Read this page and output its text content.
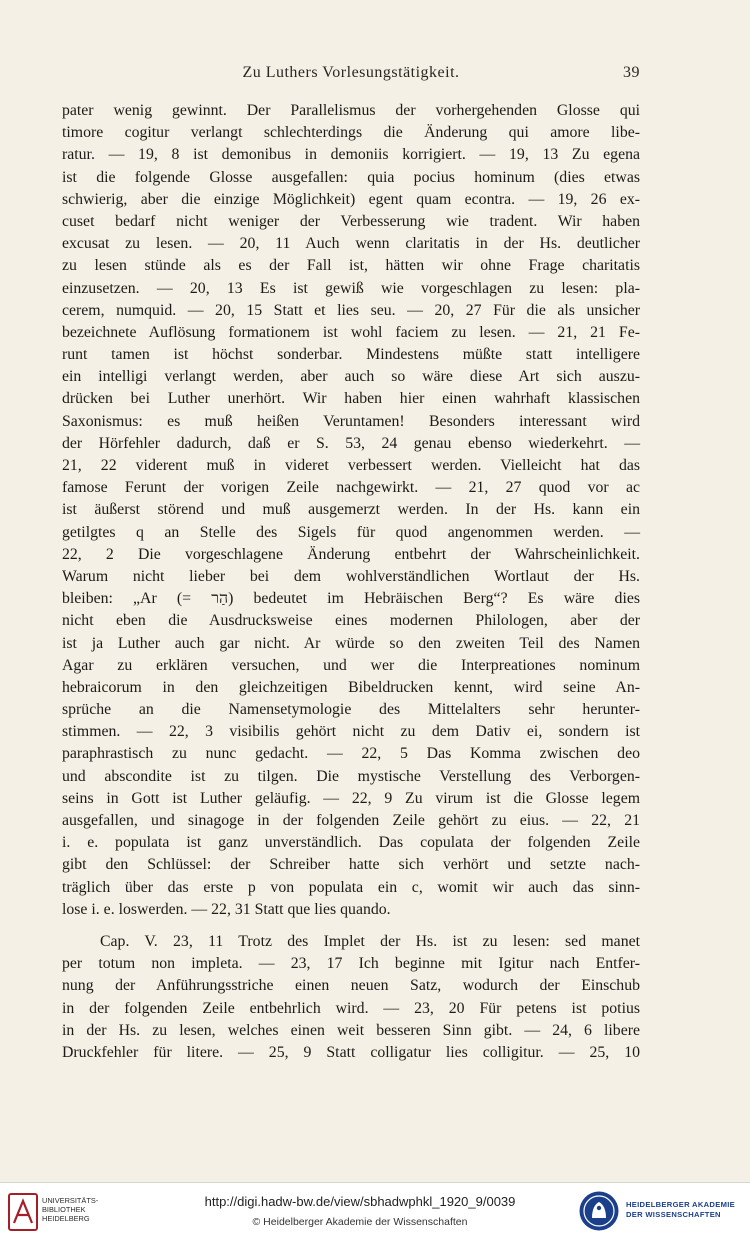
Zu Luthers Vorlesungstätigkeit.	39
pater wenig gewinnt. Der Parallelismus der vorhergehenden Glosse qui
timore cogitur verlangt schlechterdings die Änderung qui amore libe-
ratur. — 19, 8 ist demonibus in demoniis korrigiert. — 19, 13 Zu egena
ist die folgende Glosse ausgefallen: quia pocius hominum (dies etwas
schwierig, aber die einzige Möglichkeit) egent quam econtra. — 19, 26 ex-
cuset bedarf nicht weniger der Verbesserung wie tradent. Wir haben
excusat zu lesen. — 20, 11 Auch wenn claritatis in der Hs. deutlicher
zu lesen stünde als es der Fall ist, hätten wir ohne Frage charitatis
einzusetzen. — 20, 13 Es ist gewiß wie vorgeschlagen zu lesen: pla-
cerem, numquid. — 20, 15 Statt et lies seu. — 20, 27 Für die als unsicher
bezeichnete Auflösung formationem ist wohl faciem zu lesen. — 21, 21 Fe-
runt tamen ist höchst sonderbar. Mindestens müßte statt intelligere
ein intelligi verlangt werden, aber auch so wäre diese Art sich auszu-
drücken bei Luther unerhört. Wir haben hier einen wahrhaft klassischen
Saxonismus: es muß heißen Veruntamen! Besonders interessant wird
der Hörfehler dadurch, daß er S. 53, 24 genau ebenso wiederkehrt. —
21, 22 viderent muß in videret verbessert werden. Vielleicht hat das
famose Ferunt der vorigen Zeile nachgewirkt. — 21, 27 quod vor ac
ist äußerst störend und muß ausgemerzt werden. In der Hs. kann ein
getilgtes q an Stelle des Sigels für quod angenommen werden. —
22, 2 Die vorgeschlagene Änderung entbehrt der Wahrscheinlichkeit.
Warum nicht lieber bei dem wohlverständlichen Wortlaut der Hs.
bleiben: „Ar (= הַר) bedeutet im Hebräischen Berg“? Es wäre dies
nicht eben die Ausdrucksweise eines modernen Philologen, aber der
ist ja Luther auch gar nicht. Ar würde so den zweiten Teil des Namen
Agar zu erklären versuchen, und wer die Interpreationes nominum
hebraicorum in den gleichzeitigen Bibeldrucken kennt, wird seine An-
sprüche an die Namensetymologie des Mittelalters sehr herunter-
stimmen. — 22, 3 visibilis gehört nicht zu dem Dativ ei, sondern ist
paraphrastisch zu nunc gedacht. — 22, 5 Das Komma zwischen deo
und abscondite ist zu tilgen. Die mystische Verstellung des Verborgen-
seins in Gott ist Luther geläufig. — 22, 9 Zu virum ist die Glosse legem
ausgefallen, und sinagoge in der folgenden Zeile gehört zu eius. — 22, 21
i. e. populata ist ganz unverständlich. Das copulata der folgenden Zeile
gibt den Schlüssel: der Schreiber hatte sich verhört und setzte nach-
träglich über das erste p von populata ein c, womit wir auch das sinn-
lose i. e. loswerden. — 22, 31 Statt que lies quando.
Cap. V. 23, 11 Trotz des Implet der Hs. ist zu lesen: sed manet
per totum non impleta. — 23, 17 Ich beginne mit Igitur nach Entfer-
nung der Anführungsstriche einen neuen Satz, wodurch der Einschub
in der folgenden Zeile entbehrlich wird. — 23, 20 Für petens ist potius
in der Hs. zu lesen, welches einen weit besseren Sinn gibt. — 24, 6 libere
Druckfehler für litere. — 25, 9 Statt colligatur lies colligitur. — 25, 10
UNIVERSITÄTS-
BIBLIOTHEK
HEIDELBERG
http://digi.hadw-bw.de/view/sbhadwphkl_1920_9/0039
© Heidelberger Akademie der Wissenschaften
HEIDELBERGER AKADEMIE
DER WISSENSCHAFTEN
